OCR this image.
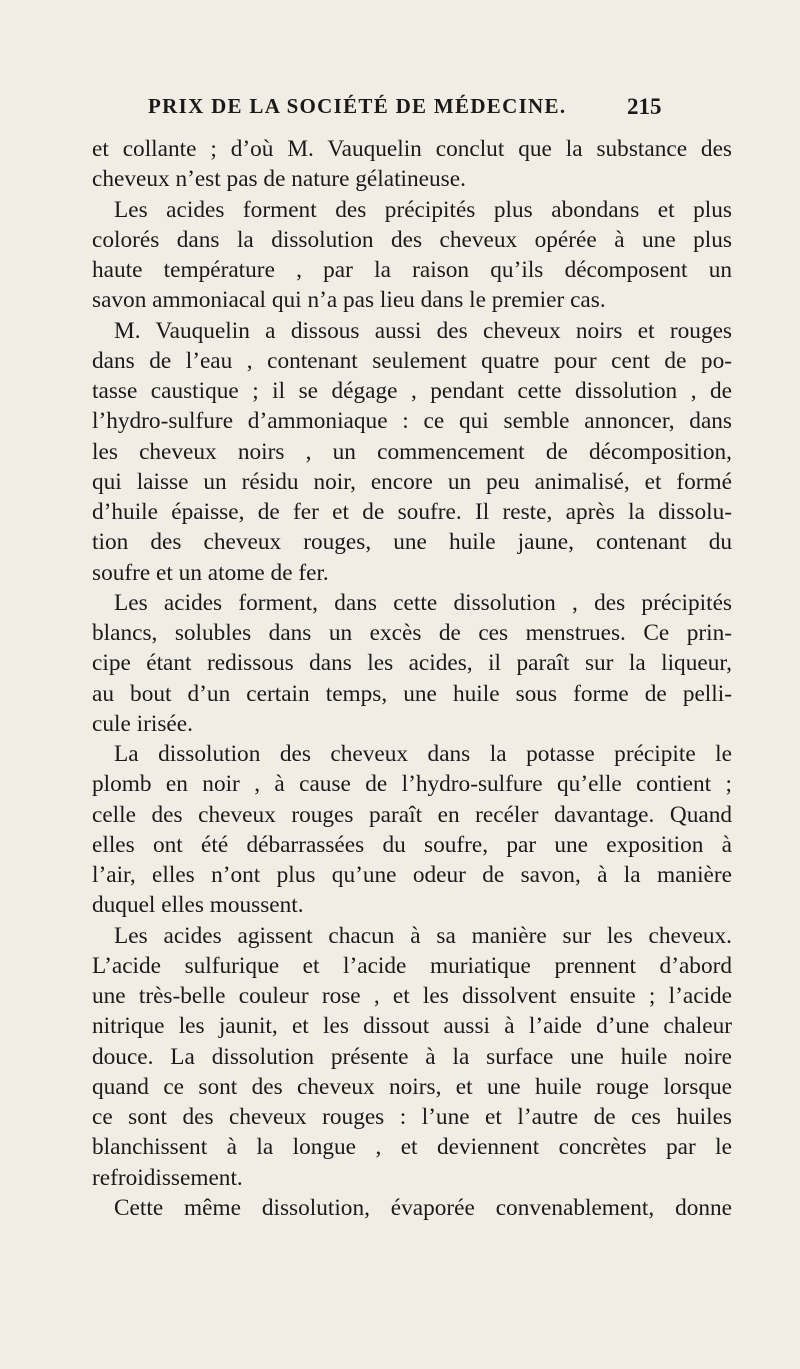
PRIX DE LA SOCIÉTÉ DE MÉDECINE.	215
et collante ; d’où M. Vauquelin conclut que la substance des
cheveux n’est pas de nature gélatineuse.
Les acides forment des précipités plus abondans et plus
colorés dans la dissolution des cheveux opérée à une plus
haute température , par la raison qu’ils décomposent un
savon ammoniacal qui n’a pas lieu dans le premier cas.
M. Vauquelin a dissous aussi des cheveux noirs et rouges
dans de l’eau , contenant seulement quatre pour cent de po-
tasse caustique ; il se dégage , pendant cette dissolution , de
l’hydro-sulfure d’ammoniaque : ce qui semble annoncer, dans
les cheveux noirs , un commencement de décomposition,
qui laisse un résidu noir, encore un peu animalisé, et formé
d’huile épaisse, de fer et de soufre. Il reste, après la dissolu-
tion des cheveux rouges, une huile jaune, contenant du
soufre et un atome de fer.
Les acides forment, dans cette dissolution , des précipités
blancs, solubles dans un excès de ces menstrues. Ce prin-
cipe étant redissous dans les acides, il paraît sur la liqueur,
au bout d’un certain temps, une huile sous forme de pelli-
cule irisée.
La dissolution des cheveux dans la potasse précipite le
plomb en noir , à cause de l’hydro-sulfure qu’elle contient ;
celle des cheveux rouges paraît en recéler davantage. Quand
elles ont été débarrassées du soufre, par une exposition à
l’air, elles n’ont plus qu’une odeur de savon, à la manière
duquel elles moussent.
Les acides agissent chacun à sa manière sur les cheveux.
L’acide sulfurique et l’acide muriatique prennent d’abord
une très-belle couleur rose , et les dissolvent ensuite ; l’acide
nitrique les jaunit, et les dissout aussi à l’aide d’une chaleur
douce. La dissolution présente à la surface une huile noire
quand ce sont des cheveux noirs, et une huile rouge lorsque
ce sont des cheveux rouges : l’une et l’autre de ces huiles
blanchissent à la longue , et deviennent concrètes par le
refroidissement.
Cette même dissolution, évaporée convenablement, donne
